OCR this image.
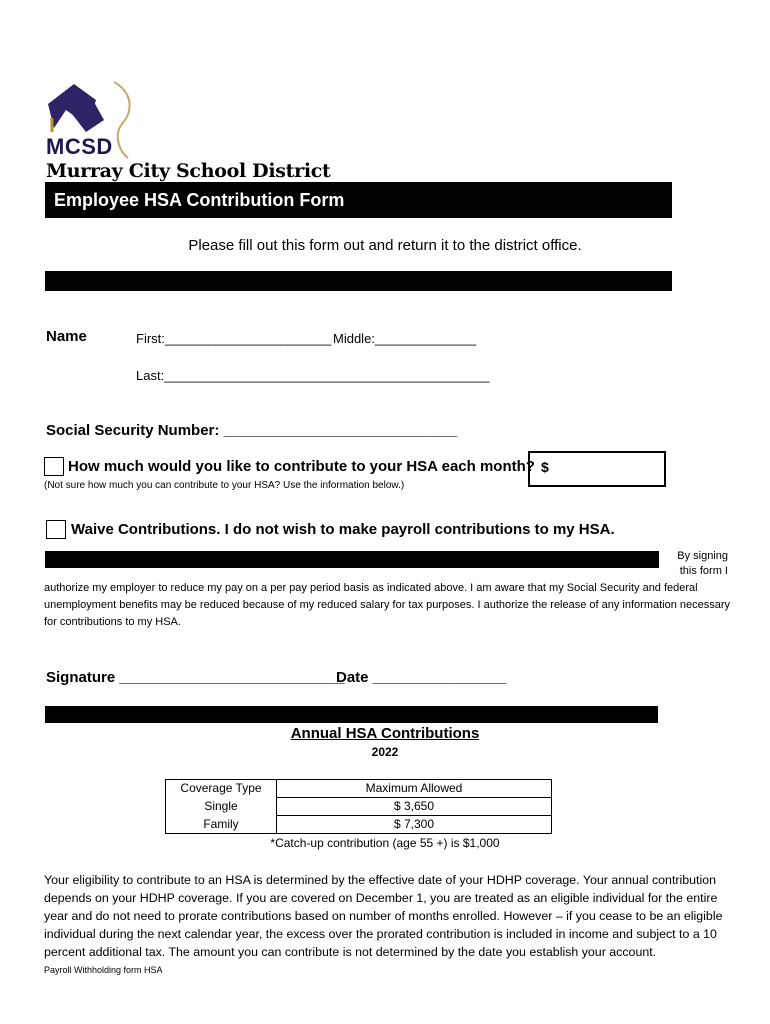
MCSD
Murray City School District
Employee HSA Contribution Form
Please fill out this form out and return it to the district office.
Name	First:_______________________ Middle:______________
Last:_____________________________________________
Social Security Number: ____________________________
How much would you like to contribute to your HSA each month?
(Not sure how much you can contribute to your HSA? Use the information below.)
$
Waive Contributions. I do not wish to make payroll contributions to my HSA.
By signing this form I
authorize my employer to reduce my pay on a per pay period basis as indicated above. I am aware that my Social Security and federal unemployment benefits may be reduced because of my reduced salary for tax purposes. I authorize the release of any information necessary for contributions to my HSA.
Signature ___________________________
Date ________________
Annual HSA Contributions
2022
Coverage Type	Maximum Allowed
Single	$ 3,650
Family	$ 7,300
*Catch-up contribution (age 55 +) is $1,000
Your eligibility to contribute to an HSA is determined by the effective date of your HDHP coverage. Your annual contribution depends on your HDHP coverage. If you are covered on December 1, you are treated as an eligible individual for the entire year and do not need to prorate contributions based on number of months enrolled. However – if you cease to be an eligible individual during the next calendar year, the excess over the prorated contribution is included in income and subject to a 10 percent additional tax. The amount you can contribute is not determined by the date you establish your account.
Payroll Withholding form HSA
